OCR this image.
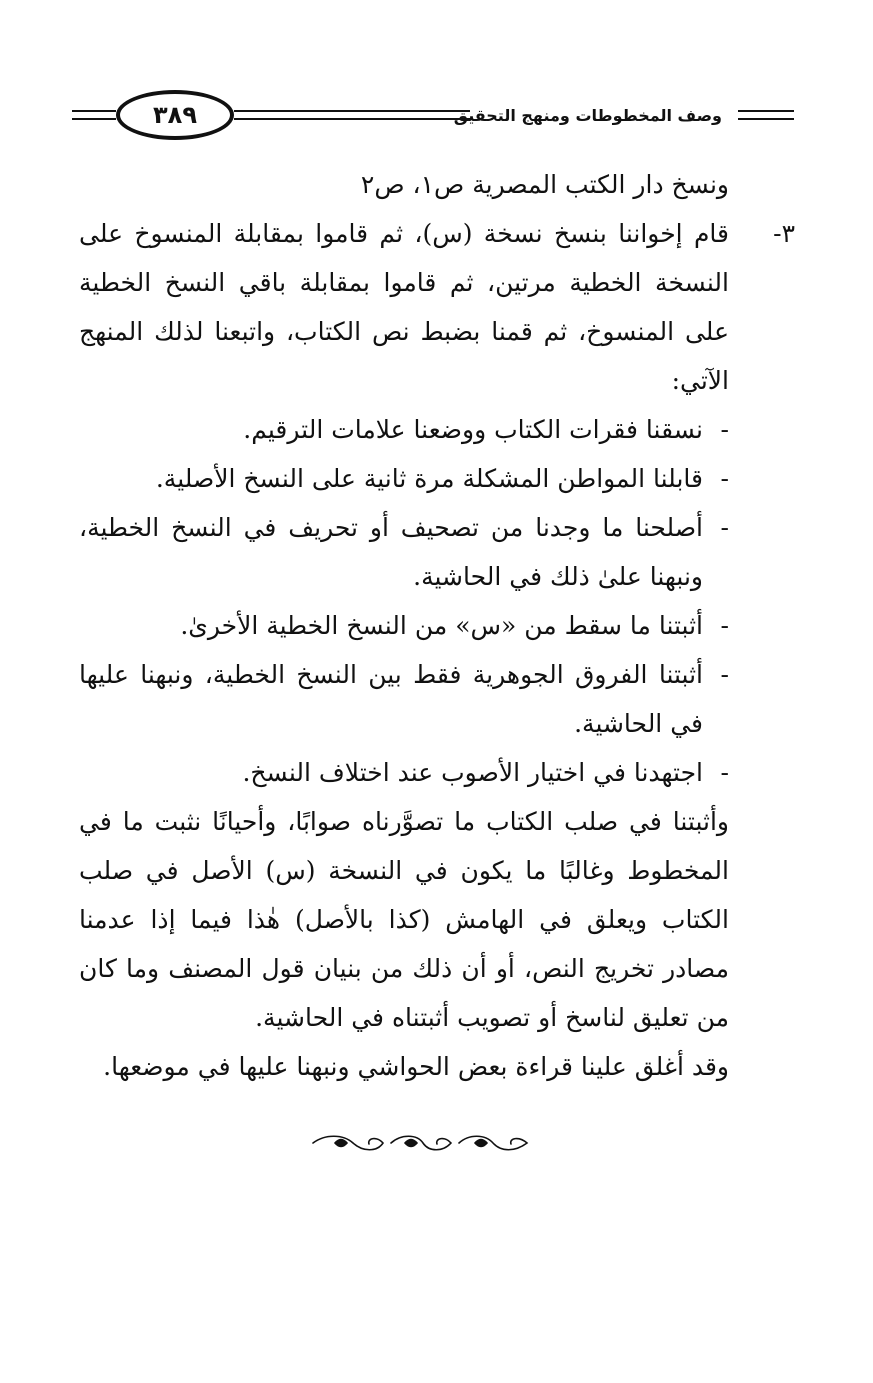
٣٨٩	وصف المخطوطات ومنهج التحقيق

ونسخ دار الكتب المصرية ص١، ص٢

٣-
قام إخواننا بنسخ نسخة (س)، ثم قاموا بمقابلة المنسوخ على النسخة الخطية مرتين، ثم قاموا بمقابلة باقي النسخ الخطية على المنسوخ، ثم قمنا بضبط نص الكتاب، واتبعنا لذلك المنهج الآتي:
-
نسقنا فقرات الكتاب ووضعنا علامات الترقيم.
-
قابلنا المواطن المشكلة مرة ثانية على النسخ الأصلية.
-
أصلحنا ما وجدنا من تصحيف أو تحريف في النسخ الخطية، ونبهنا علىٰ ذلك في الحاشية.
-
أثبتنا ما سقط من «س» من النسخ الخطية الأخرىٰ.
-
أثبتنا الفروق الجوهرية فقط بين النسخ الخطية، ونبهنا عليها في الحاشية.
-
اجتهدنا في اختيار الأصوب عند اختلاف النسخ.

وأثبتنا في صلب الكتاب ما تصوَّرناه صوابًا، وأحيانًا نثبت ما في المخطوط وغالبًا ما يكون في النسخة (س) الأصل في صلب الكتاب ويعلق في الهامش (كذا بالأصل) هٰذا فيما إذا عدمنا مصادر تخريج النص، أو أن ذلك من بنيان قول المصنف وما كان من تعليق لناسخ أو تصويب أثبتناه في الحاشية.

وقد أغلق علينا قراءة بعض الحواشي ونبهنا عليها في موضعها.
